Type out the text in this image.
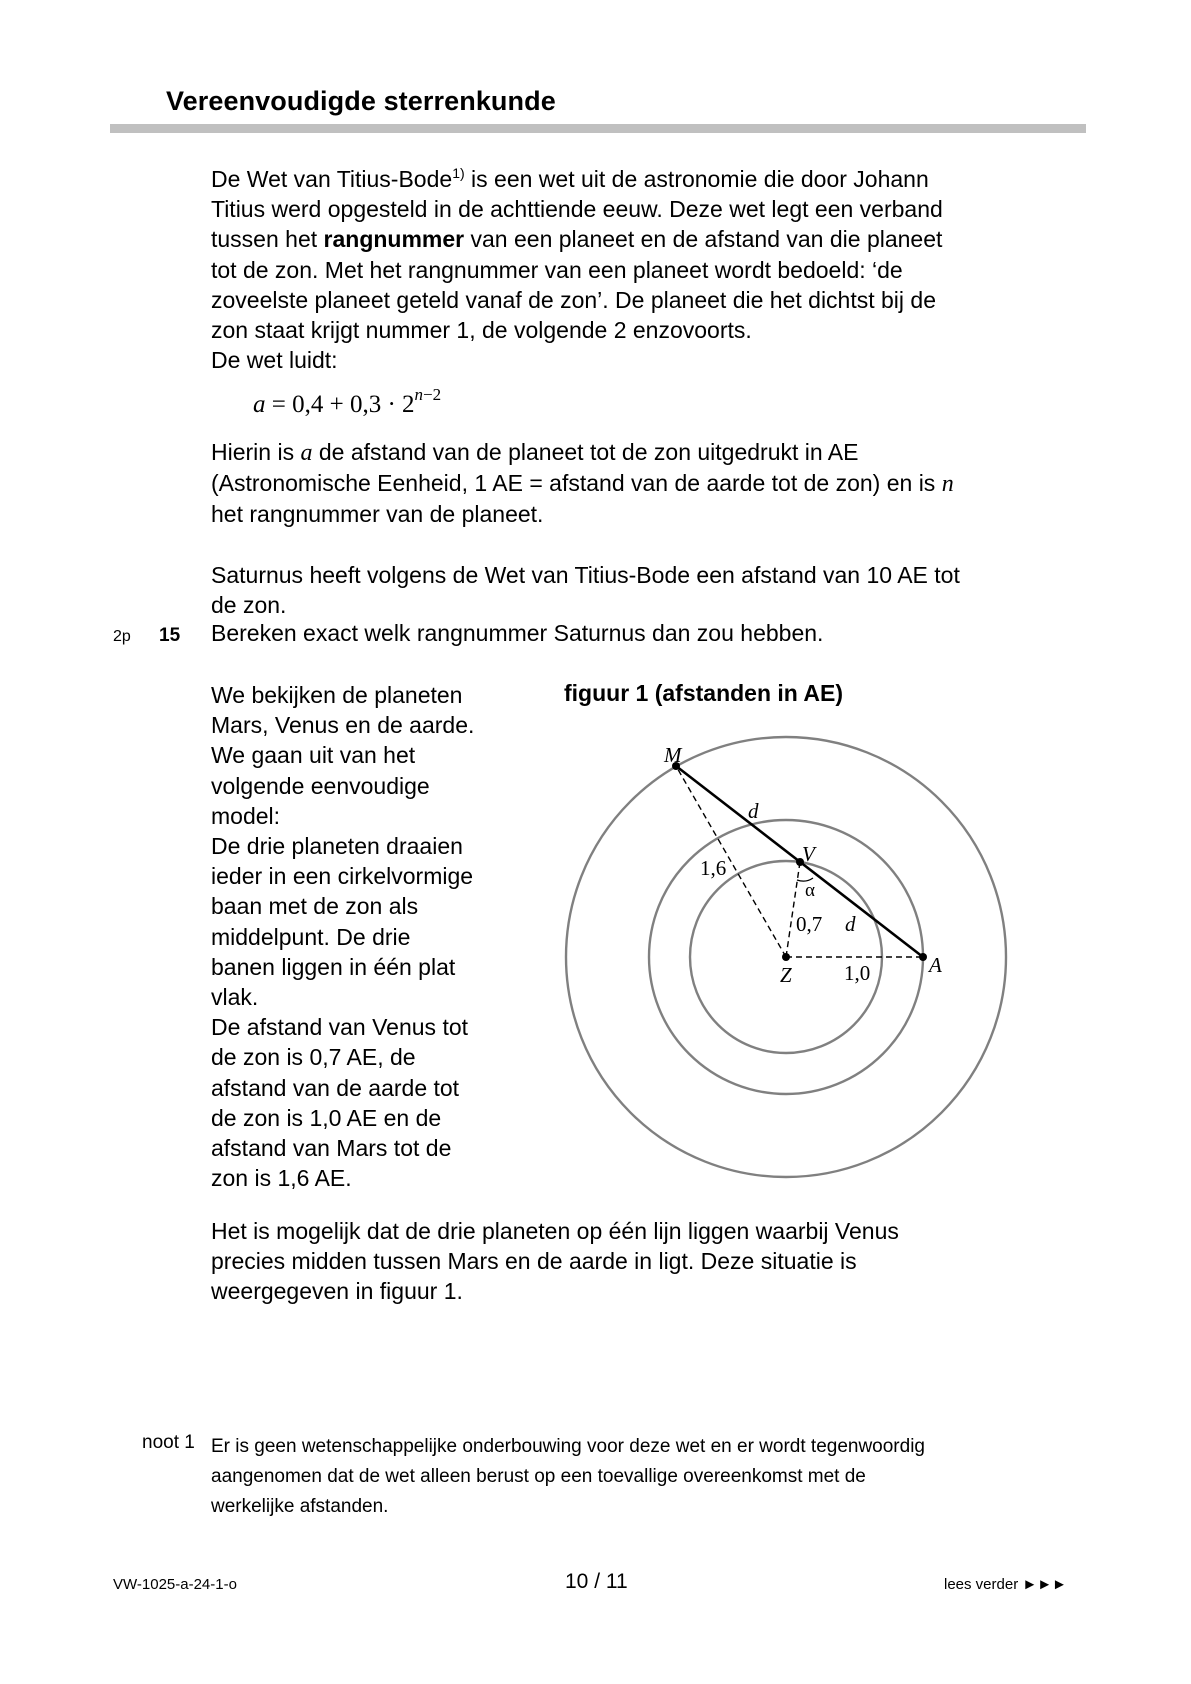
Vereenvoudigde sterrenkunde
De Wet van Titius-Bode$^{1)}$ is een wet uit de astronomie die door Johann
Titius werd opgesteld in de achttiende eeuw. Deze wet legt een verband
tussen het rangnummer van een planeet en de afstand van die planeet
tot de zon. Met het rangnummer van een planeet wordt bedoeld: ‘de
zoveelste planeet geteld vanaf de zon’. De planeet die het dichtst bij de
zon staat krijgt nummer 1, de volgende 2 enzovoorts.
De wet luidt:
$a = 0,4 + 0,3 \cdot 2^{n-2}$
Hierin is a de afstand van de planeet tot de zon uitgedrukt in AE
(Astronomische Eenheid, 1 AE = afstand van de aarde tot de zon) en is n
het rangnummer van de planeet.
Saturnus heeft volgens de Wet van Titius-Bode een afstand van 10 AE tot
de zon.
2p 15 Bereken exact welk rangnummer Saturnus dan zou hebben.
We bekijken de planeten
Mars, Venus en de aarde.
We gaan uit van het
volgende eenvoudige
model:
De drie planeten draaien
ieder in een cirkelvormige
baan met de zon als
middelpunt. De drie
banen liggen in één plat
vlak.
De afstand van Venus tot
de zon is 0,7 AE, de
afstand van de aarde tot
de zon is 1,0 AE en de
afstand van Mars tot de
zon is 1,6 AE.
figuur 1 (afstanden in AE)
M
d
1,6
V
α
0,7 d
Z 1,0	A
Het is mogelijk dat de drie planeten op één lijn liggen waarbij Venus
precies midden tussen Mars en de aarde in ligt. Deze situatie is
weergegeven in figuur 1.
noot 1 Er is geen wetenschappelijke onderbouwing voor deze wet en er wordt tegenwoordig
aangenomen dat de wet alleen berust op een toevallige overeenkomst met de
werkelijke afstanden.
VW-1025-a-24-1-o	10 / 11	lees verder ►►►
